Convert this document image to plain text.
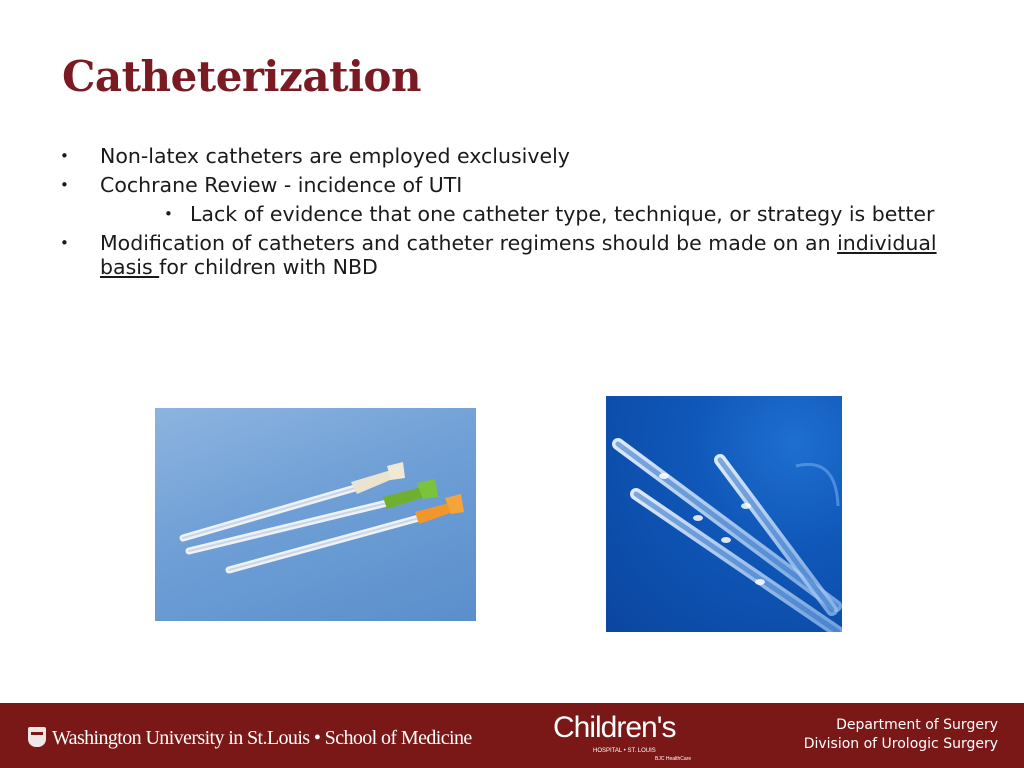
Catheterization
• Non-latex catheters are employed exclusively
• Cochrane Review - incidence of UTI
• Lack of evidence that one catheter type, technique, or strategy is better
• Modification of catheters and catheter regimens should be made on an individual basis for children with NBD
Washington University in St.Louis • School of Medicine	Children's
HOSPITAL • ST. LOUIS
BJC HealthCare
Department of Surgery
Division of Urologic Surgery
